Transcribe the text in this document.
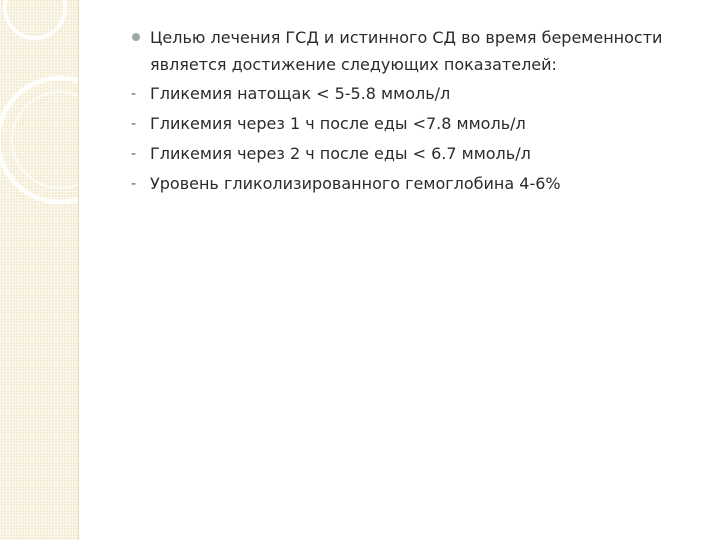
Целью лечения ГСД и истинного СД во время беременности
является достижение следующих показателей:
- Гликемия натощак < 5-5.8 ммоль/л
- Гликемия через 1 ч после еды <7.8 ммоль/л
- Гликемия через 2 ч после еды < 6.7 ммоль/л
- Уровень гликолизированного гемоглобина 4-6%
